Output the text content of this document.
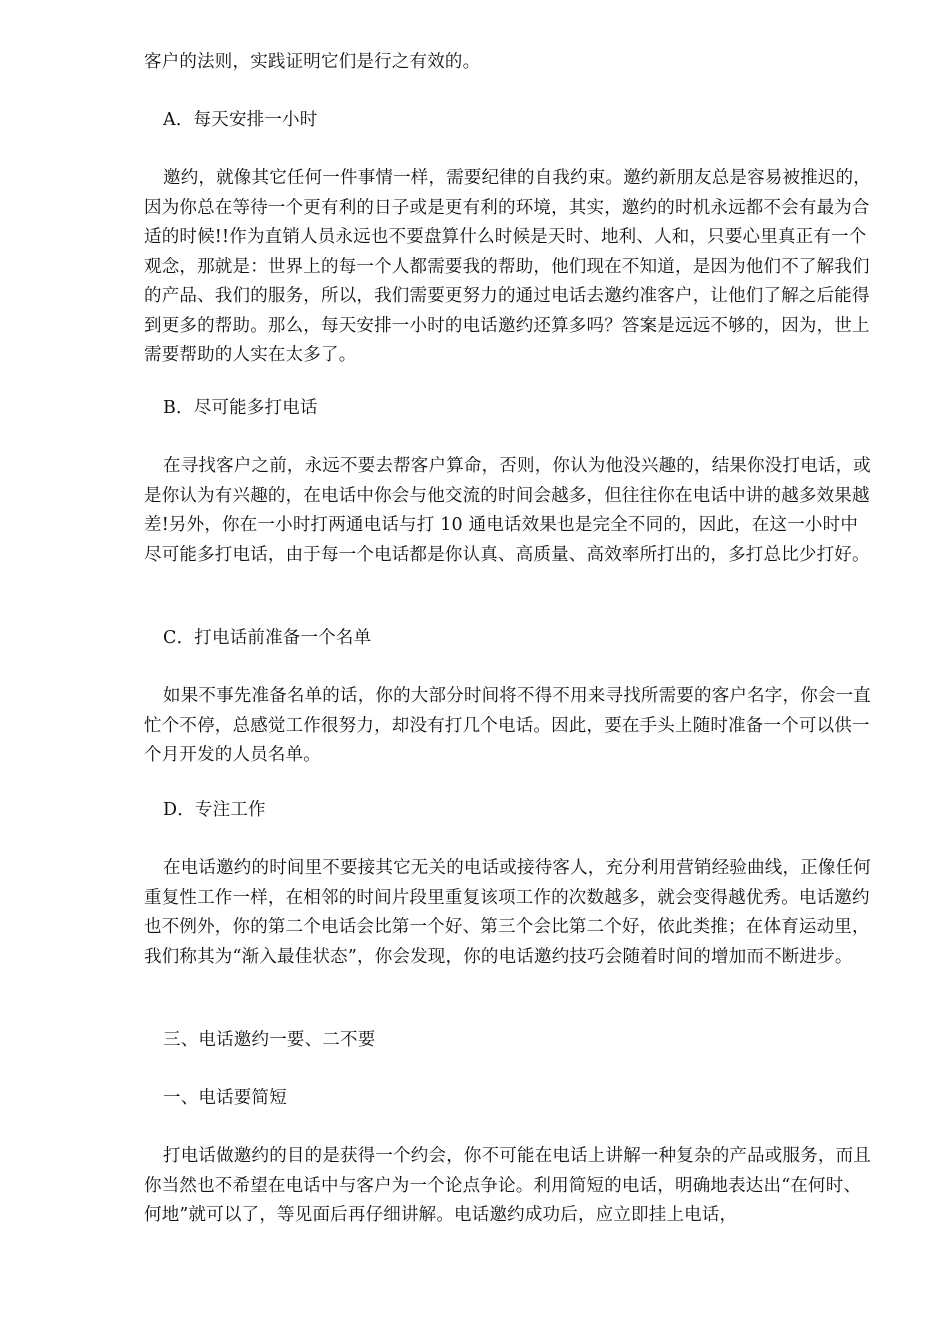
客户的法则，实践证明它们是行之有效的。

A．每天安排一小时

邀约，就像其它任何一件事情一样，需要纪律的自我约束。邀约新朋友总是容易被推迟的，因为你总在等待一个更有利的日子或是更有利的环境，其实，邀约的时机永远都不会有最为合适的时候!!作为直销人员永远也不要盘算什么时候是天时、地利、人和，只要心里真正有一个观念，那就是：世界上的每一个人都需要我的帮助，他们现在不知道，是因为他们不了解我们的产品、我们的服务，所以，我们需要更努力的通过电话去邀约准客户，让他们了解之后能得到更多的帮助。那么，每天安排一小时的电话邀约还算多吗？答案是远远不够的，因为，世上需要帮助的人实在太多了。

B．尽可能多打电话

在寻找客户之前，永远不要去帮客户算命，否则，你认为他没兴趣的，结果你没打电话，或是你认为有兴趣的，在电话中你会与他交流的时间会越多，但往往你在电话中讲的越多效果越差!另外，你在一小时打两通电话与打 10 通电话效果也是完全不同的，因此，在这一小时中尽可能多打电话，由于每一个电话都是你认真、高质量、高效率所打出的，多打总比少打好。

C．打电话前准备一个名单

如果不事先准备名单的话，你的大部分时间将不得不用来寻找所需要的客户名字，你会一直忙个不停，总感觉工作很努力，却没有打几个电话。因此，要在手头上随时准备一个可以供一个月开发的人员名单。

D．专注工作

在电话邀约的时间里不要接其它无关的电话或接待客人，充分利用营销经验曲线，正像任何重复性工作一样，在相邻的时间片段里重复该项工作的次数越多，就会变得越优秀。电话邀约也不例外，你的第二个电话会比第一个好、第三个会比第二个好，依此类推；在体育运动里，我们称其为“渐入最佳状态”，你会发现，你的电话邀约技巧会随着时间的增加而不断进步。

三、电话邀约一要、二不要

一、电话要简短

打电话做邀约的目的是获得一个约会，你不可能在电话上讲解一种复杂的产品或服务，而且你当然也不希望在电话中与客户为一个论点争论。利用简短的电话，明确地表达出“在何时、何地”就可以了，等见面后再仔细讲解。电话邀约成功后，应立即挂上电话，
